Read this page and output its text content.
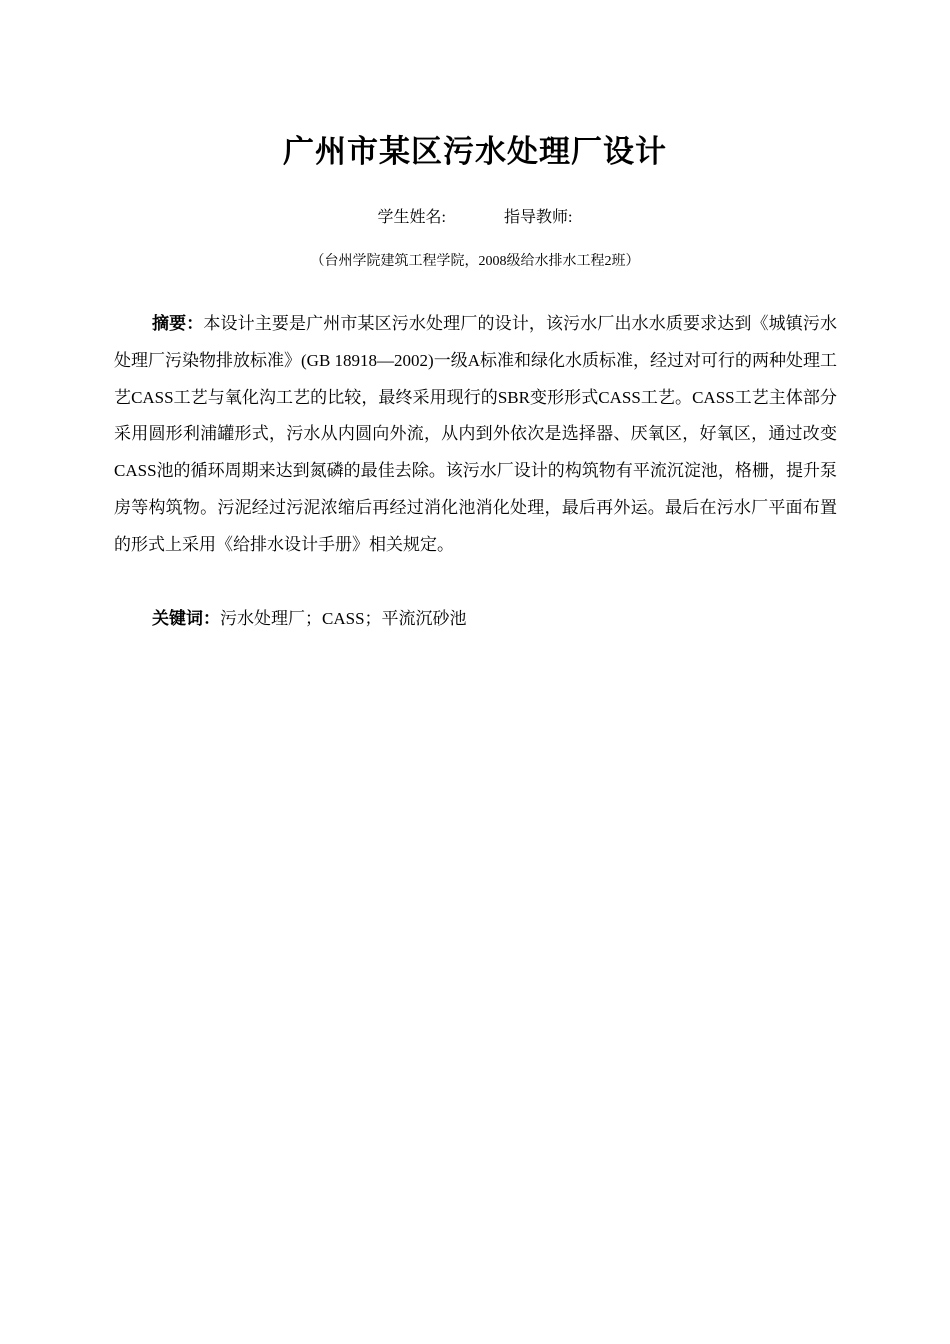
广州市某区污水处理厂设计
学生姓名:	指导教师:
（台州学院建筑工程学院，2008级给水排水工程2班）

摘要：本设计主要是广州市某区污水处理厂的设计，该污水厂出水水质要求达到《城镇污水处理厂污染物排放标准》(GB 18918—2002)一级A标准和绿化水质标准，经过对可行的两种处理工艺CASS工艺与氧化沟工艺的比较，最终采用现行的SBR变形形式CASS工艺。CASS工艺主体部分采用圆形利浦罐形式，污水从内圆向外流，从内到外依次是选择器、厌氧区，好氧区，通过改变CASS池的循环周期来达到氮磷的最佳去除。该污水厂设计的构筑物有平流沉淀池，格栅，提升泵房等构筑物。污泥经过污泥浓缩后再经过消化池消化处理，最后再外运。最后在污水厂平面布置的形式上采用《给排水设计手册》相关规定。

关键词：污水处理厂；CASS；平流沉砂池
